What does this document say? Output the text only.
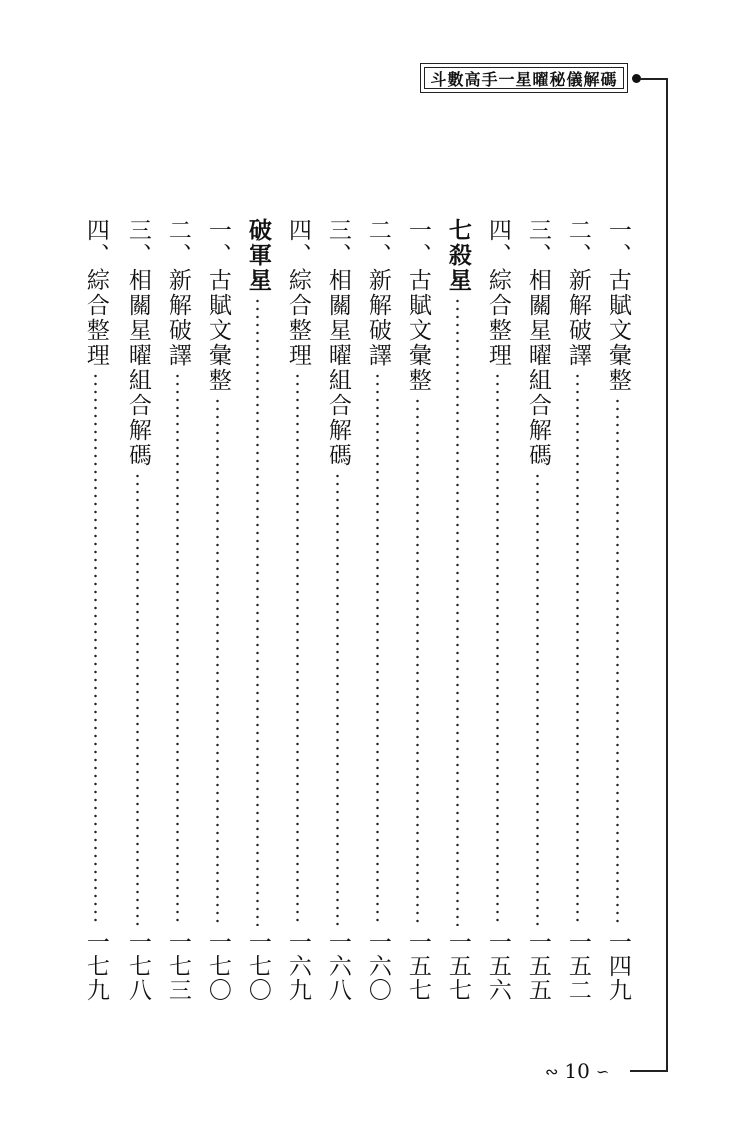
斗數高手一星曜秘儀解碼
一、古賦文彙整
一四九
二、新解破譯
一五二
三、相關星曜組合解碼
一五五
四、綜合整理
一五六
七殺星
一五七
一、古賦文彙整
一五七
二、新解破譯
一六〇
三、相關星曜組合解碼
一六八
四、綜合整理
一六九
破軍星
一七〇
一、古賦文彙整
一七〇
二、新解破譯
一七三
三、相關星曜組合解碼
一七八
四、綜合整理
一七九
∾ 10 ∽
